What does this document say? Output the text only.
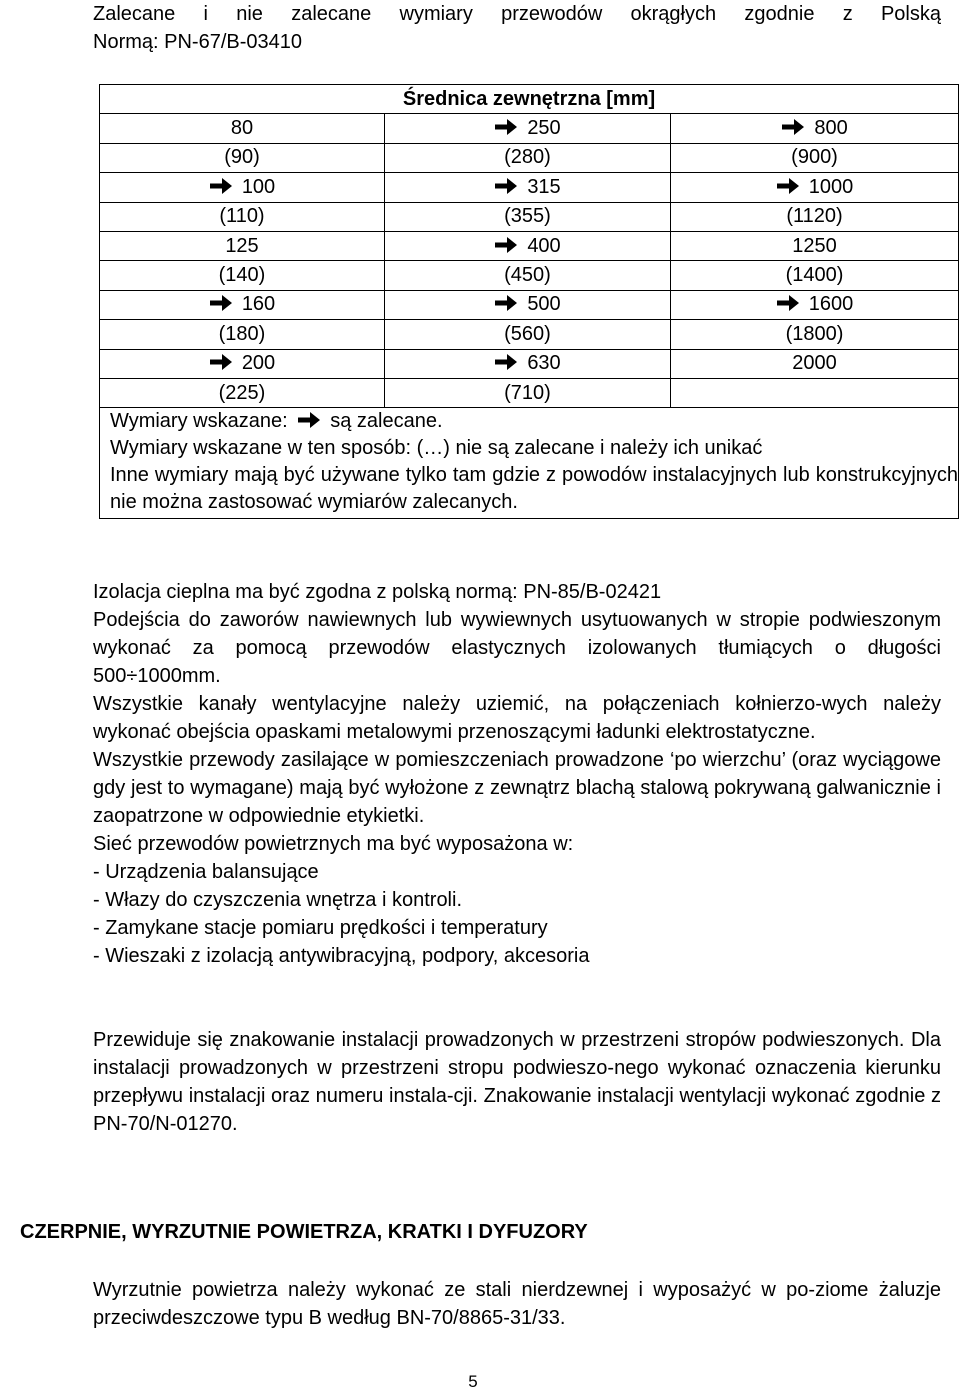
Zalecane i nie zalecane wymiary przewodów okrągłych zgodnie z Polską
Normą: PN-67/B-03410
Średnica zewnętrzna [mm]		
80	250	800
(90)	(280)	(900)
100	315	1000
(110)	(355)	(1120)
125	400	1250
(140)	(450)	(1400)
160	500	1600
(180)	(560)	(1800)
200	630	2000
(225)	(710)	

Wymiary wskazane: są zalecane.
Wymiary wskazane w ten sposób: (…) nie są zalecane i należy ich unikać
Inne wymiary mają być używane tylko tam gdzie z powodów instalacyjnych lub konstrukcyjnych nie można zastosować wymiarów zalecanych.		

Izolacja cieplna ma być zgodna z polską normą: PN-85/B-02421

Podejścia do zaworów nawiewnych lub wywiewnych usytuowanych w stropie podwieszonym wykonać za pomocą przewodów elastycznych izolowanych tłumiących o długości 500÷1000mm.

Wszystkie kanały wentylacyjne należy uziemić, na połączeniach kołnierzo-wych należy wykonać obejścia opaskami metalowymi przenoszącymi ładunki elektrostatyczne.

Wszystkie przewody zasilające w pomieszczeniach prowadzone ‘po wierzchu’ (oraz wyciągowe gdy jest to wymagane) mają być wyłożone z zewnątrz blachą stalową pokrywaną galwanicznie i zaopatrzone w odpowiednie etykietki.

Sieć przewodów powietrznych ma być wyposażona w:

- Urządzenia balansujące

- Włazy do czyszczenia wnętrza i kontroli.

- Zamykane stacje pomiaru prędkości i temperatury

- Wieszaki z izolacją antywibracyjną, podpory, akcesoria

Przewiduje się znakowanie instalacji prowadzonych w przestrzeni stropów podwieszonych. Dla instalacji prowadzonych w przestrzeni stropu podwieszo-nego wykonać oznaczenia kierunku przepływu instalacji oraz numeru instala-cji. Znakowanie instalacji wentylacji wykonać zgodnie z PN-70/N-01270.

CZERPNIE, WYRZUTNIE POWIETRZA, KRATKI I DYFUZORY

Wyrzutnie powietrza należy wykonać ze stali nierdzewnej i wyposażyć w po-ziome żaluzje przeciwdeszczowe typu B według BN-70/8865-31/33.

5
